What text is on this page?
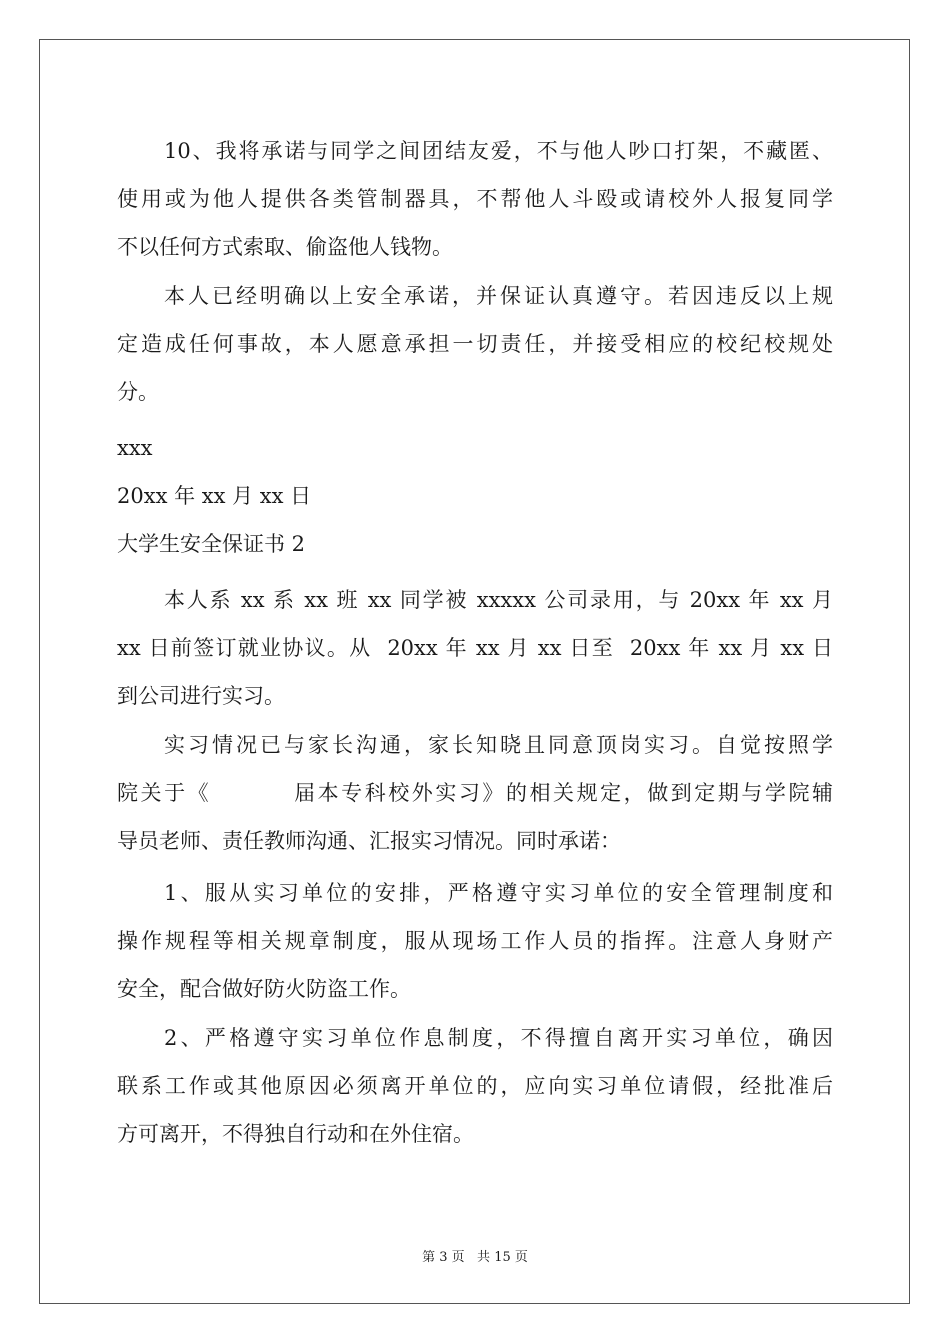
10、我将承诺与同学之间团结友爱，不与他人吵口打架，不藏匿、
使用或为他人提供各类管制器具，不帮他人斗殴或请校外人报复同学
不以任何方式索取、偷盗他人钱物。
本人已经明确以上安全承诺，并保证认真遵守。若因违反以上规
定造成任何事故，本人愿意承担一切责任，并接受相应的校纪校规处
分。
xxx
20xx 年 xx 月 xx 日
大学生安全保证书 2
本人系 xx 系 xx 班 xx 同学被 xxxxx 公司录用，与 20xx 年 xx 月
xx 日前签订就业协议。从  20xx 年 xx 月 xx 日至  20xx 年 xx 月 xx 日
到公司进行实习。
实习情况已与家长沟通，家长知晓且同意顶岗实习。自觉按照学
院关于《         届本专科校外实习》的相关规定，做到定期与学院辅
导员老师、责任教师沟通、汇报实习情况。同时承诺：
1、服从实习单位的安排，严格遵守实习单位的安全管理制度和
操作规程等相关规章制度，服从现场工作人员的指挥。注意人身财产
安全，配合做好防火防盗工作。
2、严格遵守实习单位作息制度，不得擅自离开实习单位，确因
联系工作或其他原因必须离开单位的，应向实习单位请假，经批准后
方可离开，不得独自行动和在外住宿。
第 3 页   共 15 页
